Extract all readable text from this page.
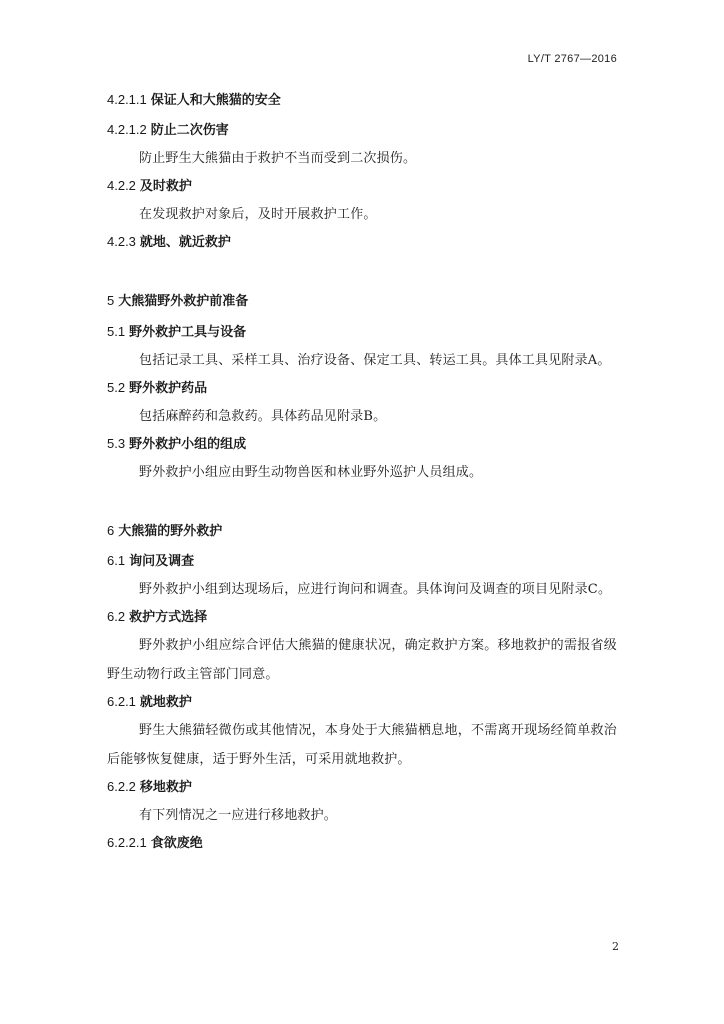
LY/T 2767—2016

4.2.1.1 保证人和大熊猫的安全

4.2.1.2 防止二次伤害

防止野生大熊猫由于救护不当而受到二次损伤。

4.2.2 及时救护

在发现救护对象后，及时开展救护工作。

4.2.3 就地、就近救护

5 大熊猫野外救护前准备

5.1 野外救护工具与设备

包括记录工具、采样工具、治疗设备、保定工具、转运工具。具体工具见附录A。

5.2 野外救护药品

包括麻醉药和急救药。具体药品见附录B。

5.3 野外救护小组的组成

野外救护小组应由野生动物兽医和林业野外巡护人员组成。

6 大熊猫的野外救护

6.1 询问及调查

野外救护小组到达现场后，应进行询问和调查。具体询问及调查的项目见附录C。

6.2 救护方式选择

野外救护小组应综合评估大熊猫的健康状况，确定救护方案。移地救护的需报省级野生动物行政主管部门同意。

6.2.1 就地救护

野生大熊猫轻微伤或其他情况，本身处于大熊猫栖息地，不需离开现场经简单救治后能够恢复健康，适于野外生活，可采用就地救护。

6.2.2 移地救护

有下列情况之一应进行移地救护。

6.2.2.1 食欲废绝

2
